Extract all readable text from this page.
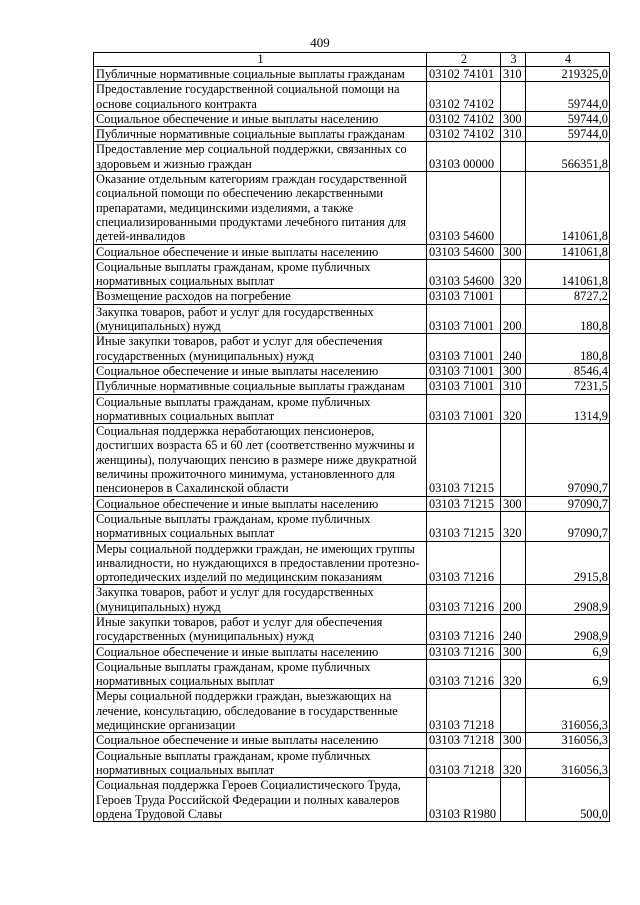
409
1	2	3	4
Публичные нормативные социальные выплаты гражданам	03102 74101	310	219325,0
Предоставление государственной социальной помощи на основе социального контракта	03102 74102		59744,0
Социальное обеспечение и иные выплаты населению	03102 74102	300	59744,0
Публичные нормативные социальные выплаты гражданам	03102 74102	310	59744,0
Предоставление мер социальной поддержки, связанных со здоровьем и жизнью граждан	03103 00000		566351,8
Оказание отдельным категориям граждан государственной социальной помощи по обеспечению лекарственными препаратами, медицинскими изделиями, а также специализированными продуктами лечебного питания для детей-инвалидов	03103 54600		141061,8
Социальное обеспечение и иные выплаты населению	03103 54600	300	141061,8
Социальные выплаты гражданам, кроме публичных нормативных социальных выплат	03103 54600	320	141061,8
Возмещение расходов на погребение	03103 71001		8727,2
Закупка товаров, работ и услуг для государственных (муниципальных) нужд	03103 71001	200	180,8
Иные закупки товаров, работ и услуг для обеспечения государственных (муниципальных) нужд	03103 71001	240	180,8
Социальное обеспечение и иные выплаты населению	03103 71001	300	8546,4
Публичные нормативные социальные выплаты гражданам	03103 71001	310	7231,5
Социальные выплаты гражданам, кроме публичных нормативных социальных выплат	03103 71001	320	1314,9
Социальная поддержка неработающих пенсионеров, достигших возраста 65 и 60 лет (соответственно мужчины и женщины), получающих пенсию в размере ниже двукратной величины прожиточного минимума, установленного для пенсионеров в Сахалинской области	03103 71215		97090,7
Социальное обеспечение и иные выплаты населению	03103 71215	300	97090,7
Социальные выплаты гражданам, кроме публичных нормативных социальных выплат	03103 71215	320	97090,7
Меры социальной поддержки граждан, не имеющих группы инвалидности, но нуждающихся в предоставлении протезно-ортопедических изделий по медицинским показаниям	03103 71216		2915,8
Закупка товаров, работ и услуг для государственных (муниципальных) нужд	03103 71216	200	2908,9
Иные закупки товаров, работ и услуг для обеспечения государственных (муниципальных) нужд	03103 71216	240	2908,9
Социальное обеспечение и иные выплаты населению	03103 71216	300	6,9
Социальные выплаты гражданам, кроме публичных нормативных социальных выплат	03103 71216	320	6,9
Меры социальной поддержки граждан, выезжающих на лечение, консультацию, обследование в государственные медицинские организации	03103 71218		316056,3
Социальное обеспечение и иные выплаты населению	03103 71218	300	316056,3
Социальные выплаты гражданам, кроме публичных нормативных социальных выплат	03103 71218	320	316056,3
Социальная поддержка Героев Социалистического Труда, Героев Труда Российской Федерации и полных кавалеров ордена Трудовой Славы	03103 R1980		500,0
